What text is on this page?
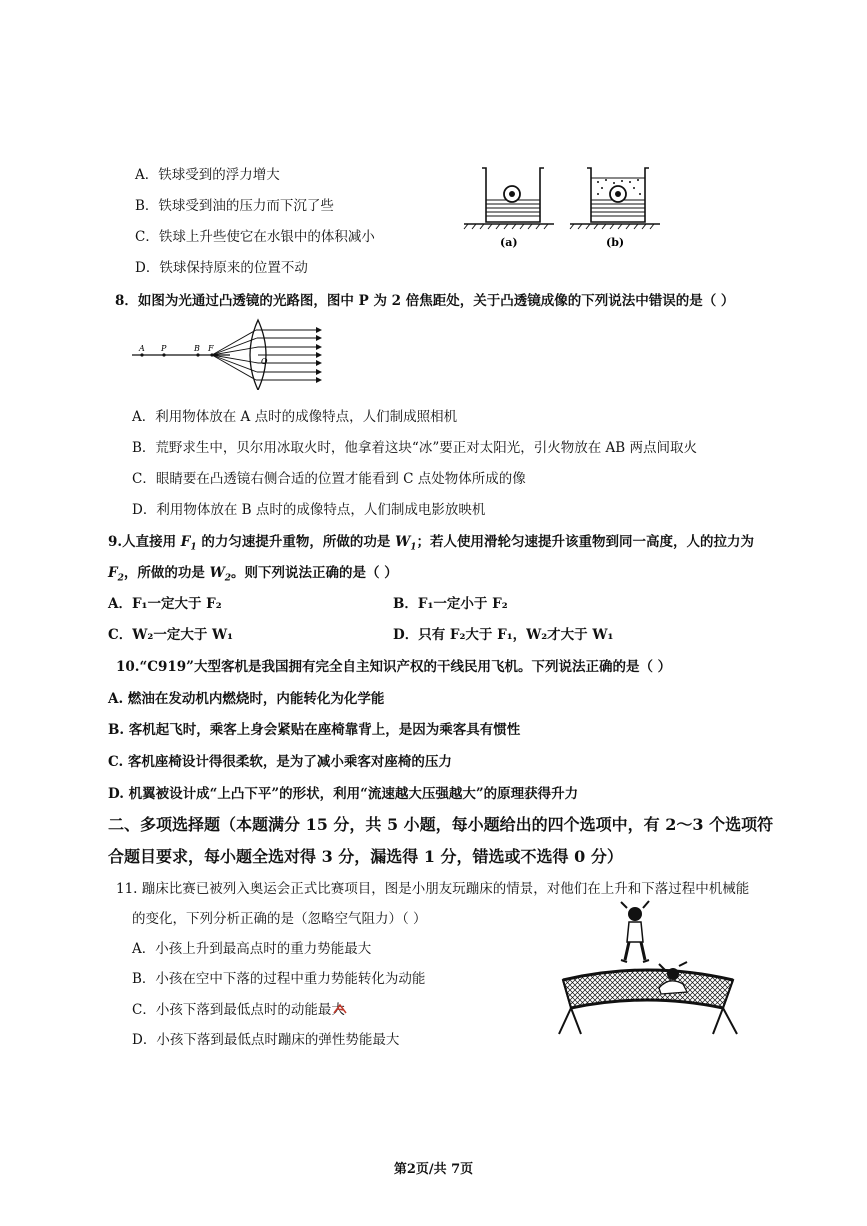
A．铁球受到的浮力增大
B．铁球受到油的压力而下沉了些
C．铁球上升些使它在水银中的体积减小
D．铁球保持原来的位置不动
(a)	(b)
8．如图为光通过凸透镜的光路图，图中 P 为 2 倍焦距处，关于凸透镜成像的下列说法中错误的是（ ）
A P	B F
O
A．利用物体放在 A 点时的成像特点，人们制成照相机
B．荒野求生中，贝尔用冰取火时，他拿着这块“冰”要正对太阳光，引火物放在 AB 两点间取火
C．眼睛要在凸透镜右侧合适的位置才能看到 C 点处物体所成的像
D．利用物体放在 B 点时的成像特点，人们制成电影放映机
9.人直接用 $F_1$ 的力匀速提升重物，所做的功是 $W_1$；若人使用滑轮匀速提升该重物到同一高度，人的拉力为
$F_2$，所做的功是 $W_2$。则下列说法正确的是（ ）
A．F₁一定大于 F₂	B．F₁一定小于 F₂
C．W₂一定大于 W₁	D．只有 F₂大于 F₁，W₂才大于 W₁
10.“C919”大型客机是我国拥有完全自主知识产权的干线民用飞机。下列说法正确的是（ ）
A. 燃油在发动机内燃烧时，内能转化为化学能
B. 客机起飞时，乘客上身会紧贴在座椅靠背上，是因为乘客具有惯性
C. 客机座椅设计得很柔软，是为了减小乘客对座椅的压力
D. 机翼被设计成“上凸下平”的形状，利用“流速越大压强越大”的原理获得升力
二、多项选择题（本题满分 15 分，共 5 小题，每小题给出的四个选项中，有 2～3 个选项符
合题目要求，每小题全选对得 3 分，漏选得 1 分，错选或不选得 0 分）
11. 蹦床比赛已被列入奥运会正式比赛项目，图是小朋友玩蹦床的情景，对他们在上升和下落过程中机械能
的变化，下列分析正确的是（忽略空气阻力）（ ）
A．小孩上升到最高点时的重力势能最大
B．小孩在空中下落的过程中重力势能转化为动能
C．小孩下落到最低点时的动能最大
D．小孩下落到最低点时蹦床的弹性势能最大
第2页/共 7页
